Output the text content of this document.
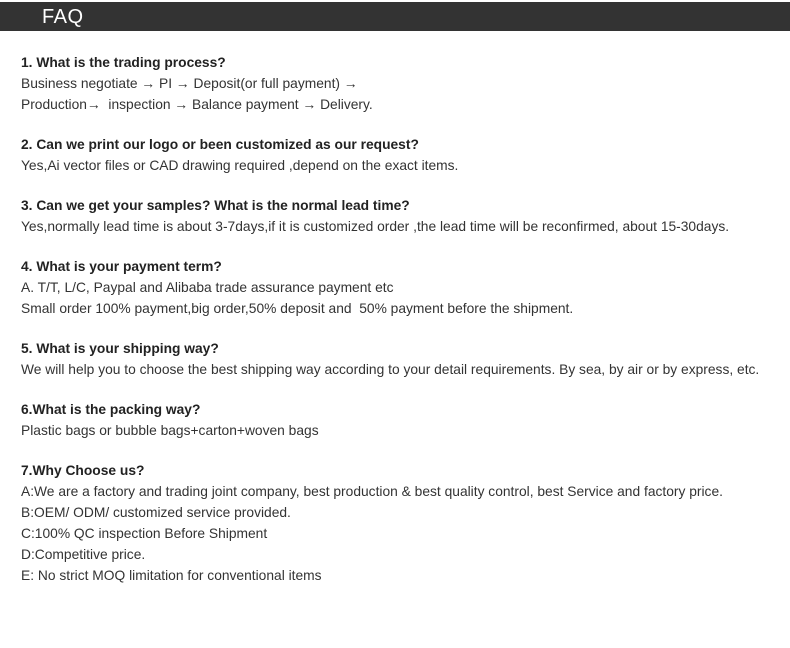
FAQ
1. What is the trading process?
Business negotiate → PI → Deposit(or full payment) →
Production→  inspection → Balance payment → Delivery.
2. Can we print our logo or been customized as our request?
Yes,Ai vector files or CAD drawing required ,depend on the exact items.
3. Can we get your samples? What is the normal lead time?
Yes,normally lead time is about 3-7days,if it is customized order ,the lead time will be reconfirmed, about 15-30days.
4. What is your payment term?
A. T/T, L/C, Paypal and Alibaba trade assurance payment etc
Small order 100% payment,big order,50% deposit and  50% payment before the shipment.
5. What is your shipping way?
We will help you to choose the best shipping way according to your detail requirements. By sea, by air or by express, etc.
6.What is the packing way?
Plastic bags or bubble bags+carton+woven bags
7.Why Choose us?
A:We are a factory and trading joint company, best production & best quality control, best Service and factory price.
B:OEM/ ODM/ customized service provided.
C:100% QC inspection Before Shipment
D:Competitive price.
E: No strict MOQ limitation for conventional items
